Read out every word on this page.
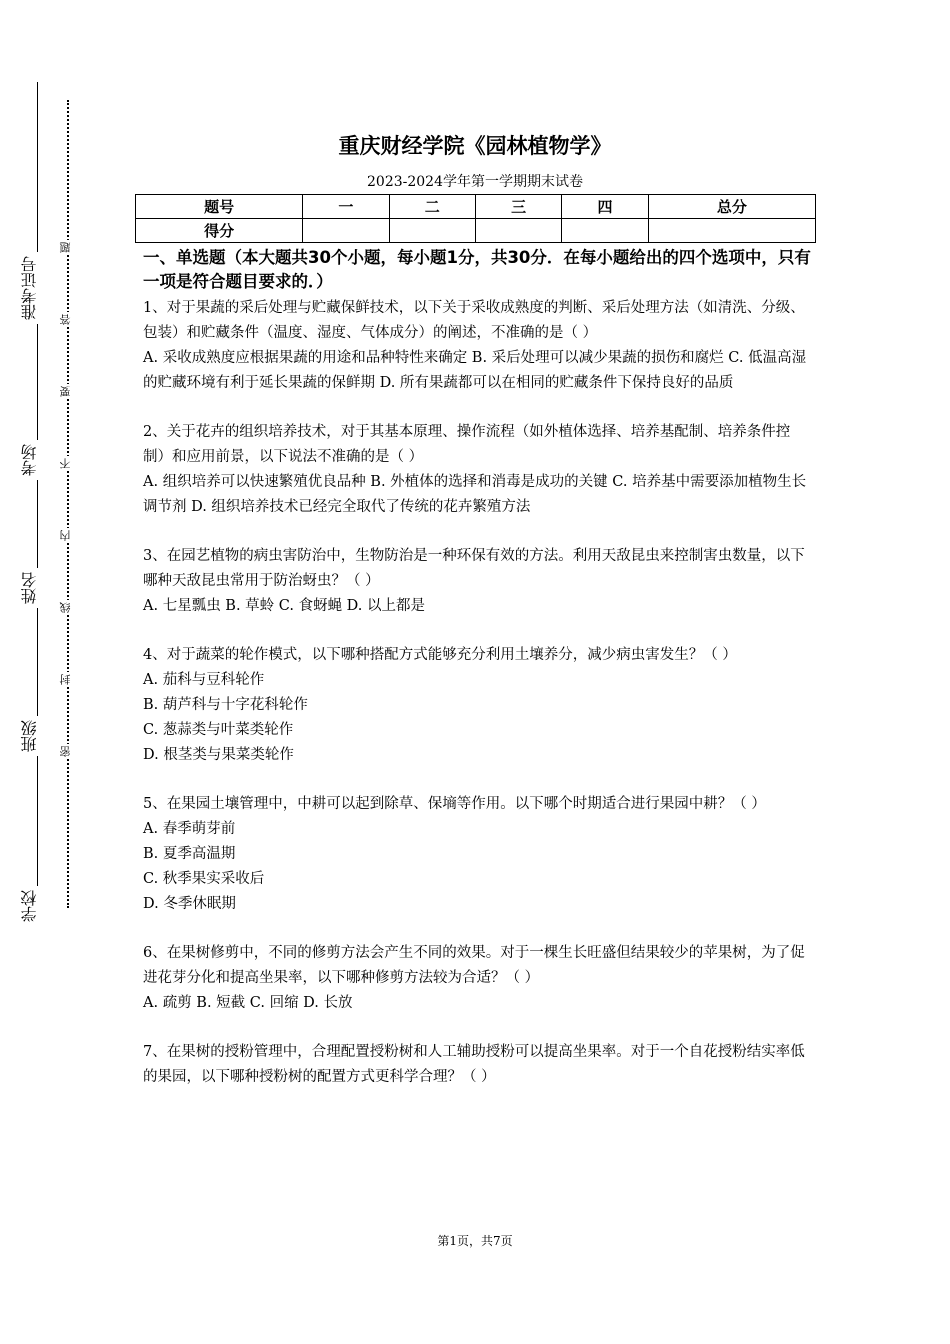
准考证号
考场
姓名
班级
学校
题
答
要
不
内
线
封
密
重庆财经学院《园林植物学》
2023-2024学年第一学期期末试卷
题号	一	二	三	四	总分
得分					
一、单选题（本大题共30个小题，每小题1分，共30分．在每小题给出的四个选项中，只有一项是符合题目要求的．）
1、对于果蔬的采后处理与贮藏保鲜技术，以下关于采收成熟度的判断、采后处理方法（如清洗、分级、包装）和贮藏条件（温度、湿度、气体成分）的阐述，不准确的是（ ）
A. 采收成熟度应根据果蔬的用途和品种特性来确定 B. 采后处理可以减少果蔬的损伤和腐烂 C. 低温高湿的贮藏环境有利于延长果蔬的保鲜期 D. 所有果蔬都可以在相同的贮藏条件下保持良好的品质
2、关于花卉的组织培养技术，对于其基本原理、操作流程（如外植体选择、培养基配制、培养条件控制）和应用前景，以下说法不准确的是（ ）
A. 组织培养可以快速繁殖优良品种 B. 外植体的选择和消毒是成功的关键 C. 培养基中需要添加植物生长调节剂 D. 组织培养技术已经完全取代了传统的花卉繁殖方法
3、在园艺植物的病虫害防治中，生物防治是一种环保有效的方法。利用天敌昆虫来控制害虫数量，以下哪种天敌昆虫常用于防治蚜虫？（ ）
A. 七星瓢虫 B. 草蛉 C. 食蚜蝇 D. 以上都是
4、对于蔬菜的轮作模式，以下哪种搭配方式能够充分利用土壤养分，减少病虫害发生？（ ）
A. 茄科与豆科轮作
B. 葫芦科与十字花科轮作
C. 葱蒜类与叶菜类轮作
D. 根茎类与果菜类轮作
5、在果园土壤管理中，中耕可以起到除草、保墒等作用。以下哪个时期适合进行果园中耕？（ ）
A. 春季萌芽前
B. 夏季高温期
C. 秋季果实采收后
D. 冬季休眠期
6、在果树修剪中，不同的修剪方法会产生不同的效果。对于一棵生长旺盛但结果较少的苹果树，为了促进花芽分化和提高坐果率，以下哪种修剪方法较为合适？（ ）
A. 疏剪 B. 短截 C. 回缩 D. 长放
7、在果树的授粉管理中，合理配置授粉树和人工辅助授粉可以提高坐果率。对于一个自花授粉结实率低的果园，以下哪种授粉树的配置方式更科学合理？（ ）
第1页，共7页
